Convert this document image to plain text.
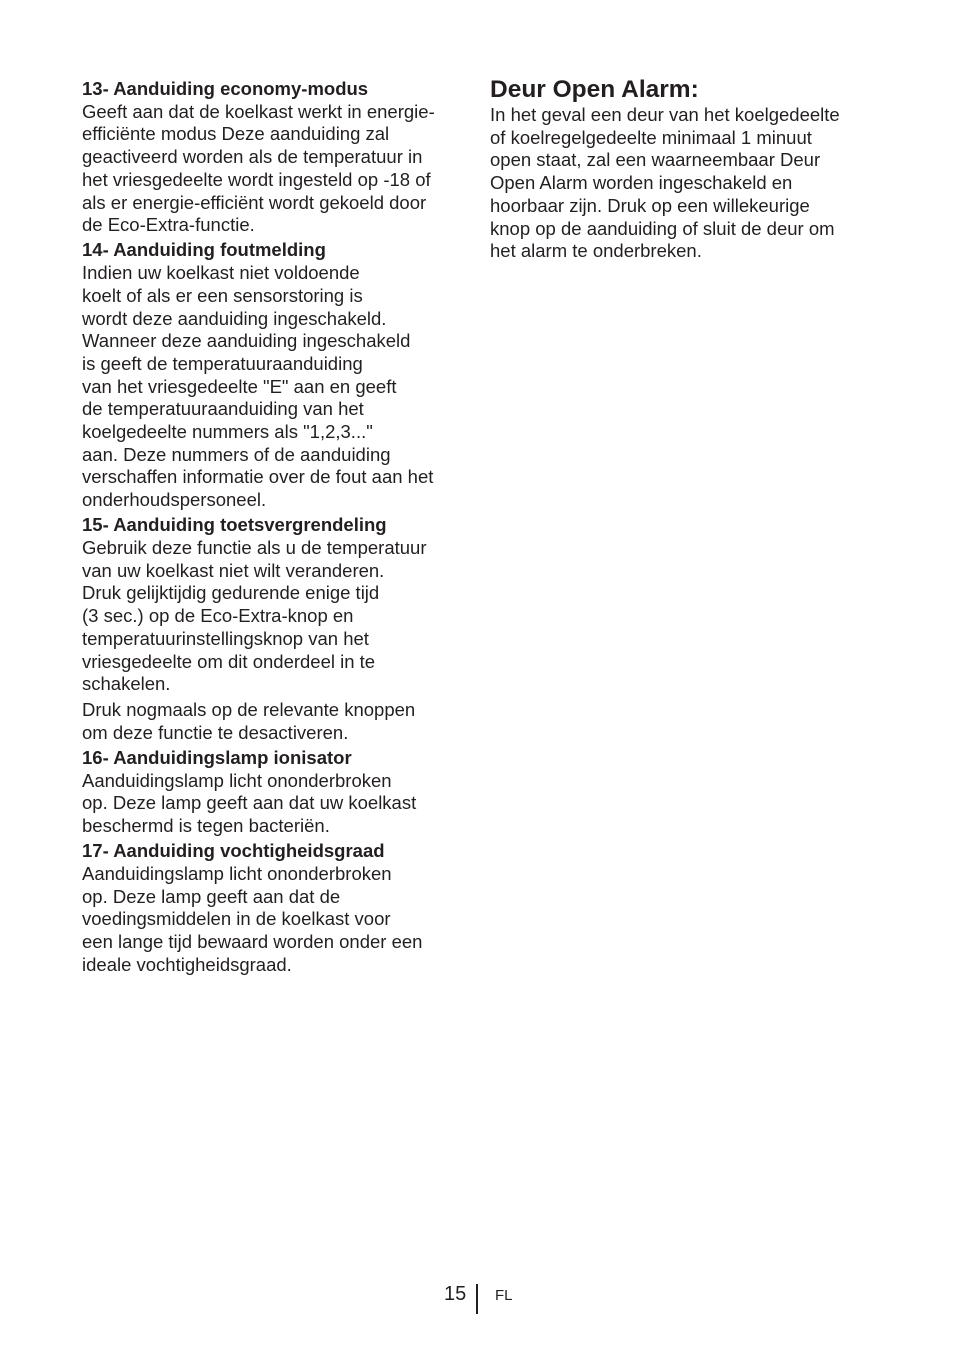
13- Aanduiding economy-modus

Geeft aan dat de koelkast werkt in energie-
efficiënte modus Deze aanduiding zal
geactiveerd worden als de temperatuur in
het vriesgedeelte wordt ingesteld op -18 of
als er energie-efficiënt wordt gekoeld door
de Eco-Extra-functie.

14- Aanduiding foutmelding

Indien uw koelkast niet voldoende
koelt of als er een sensorstoring is
wordt deze aanduiding ingeschakeld.
Wanneer deze aanduiding ingeschakeld
is geeft de temperatuuraanduiding
van het vriesgedeelte "E" aan en geeft
de temperatuuraanduiding van het
koelgedeelte nummers als "1,2,3..."
aan. Deze nummers of de aanduiding
verschaffen informatie over de fout aan het
onderhoudspersoneel.

15- Aanduiding toetsvergrendeling

Gebruik deze functie als u de temperatuur
van uw koelkast niet wilt veranderen.
Druk gelijktijdig gedurende enige tijd
(3 sec.) op de Eco-Extra-knop en
temperatuurinstellingsknop van het
vriesgedeelte om dit onderdeel in te
schakelen.

Druk nogmaals op de relevante knoppen
om deze functie te desactiveren.

16- Aanduidingslamp ionisator

Aanduidingslamp licht ononderbroken
op. Deze lamp geeft aan dat uw koelkast
beschermd is tegen bacteriën.

17- Aanduiding vochtigheidsgraad

Aanduidingslamp licht ononderbroken
op. Deze lamp geeft aan dat de
voedingsmiddelen in de koelkast voor
een lange tijd bewaard worden onder een
ideale vochtigheidsgraad.

Deur Open Alarm:

In het geval een deur van het koelgedeelte
of koelregelgedeelte minimaal 1 minuut
open staat, zal een waarneembaar Deur
Open Alarm worden ingeschakeld en
hoorbaar zijn. Druk op een willekeurige
knop op de aanduiding of sluit de deur om
het alarm te onderbreken.

15 FL
